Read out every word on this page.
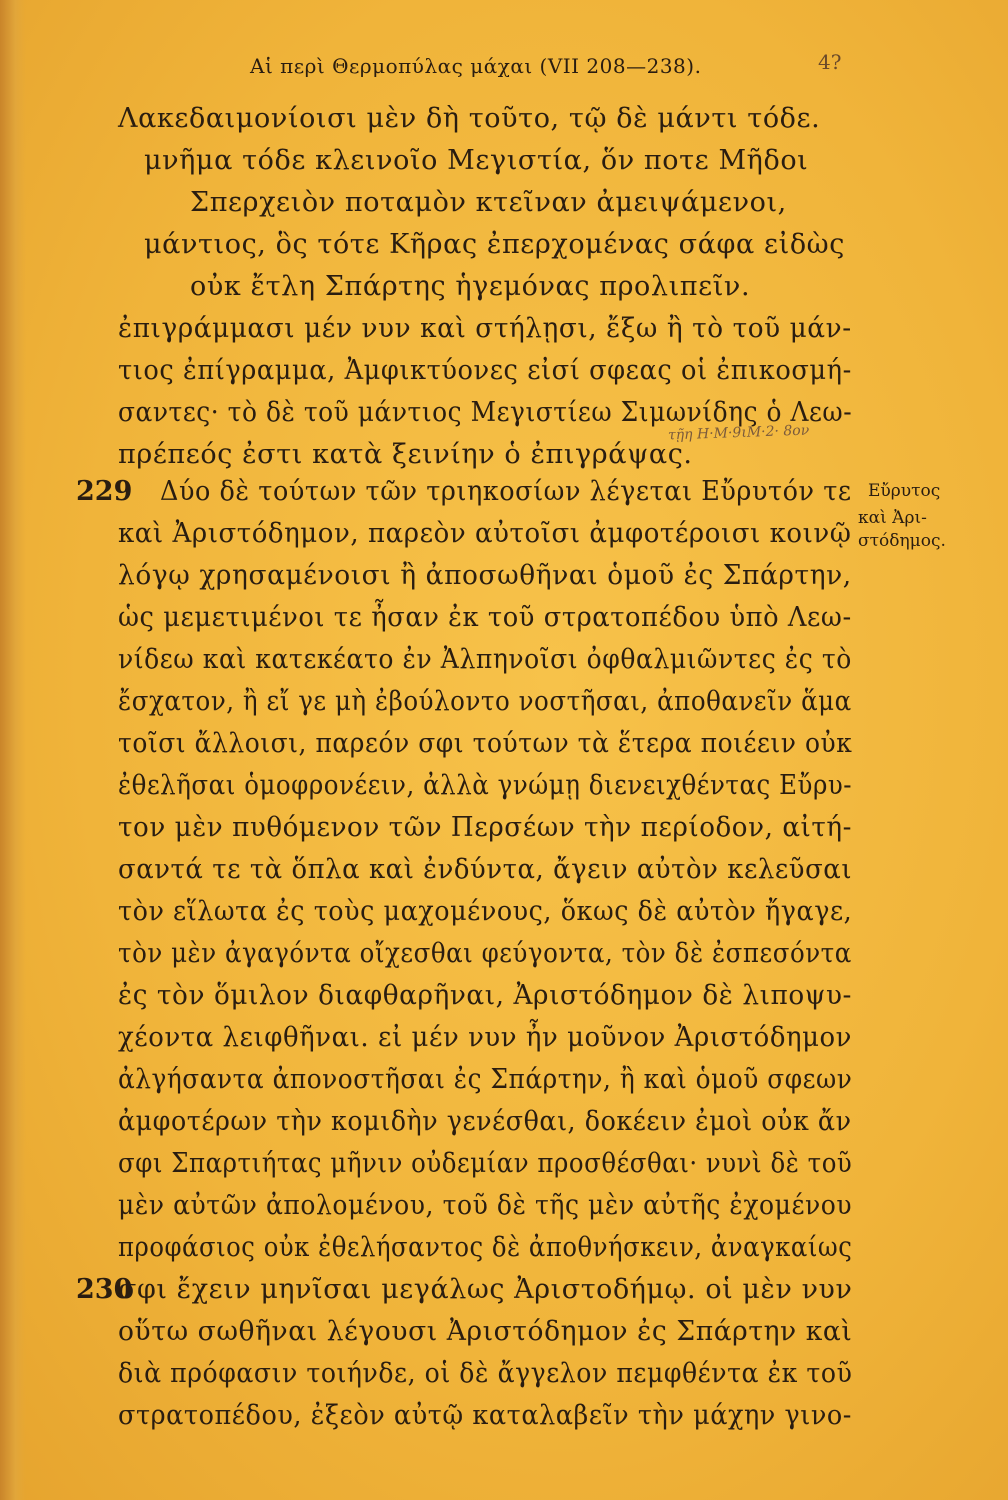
Αἱ περὶ Θερμοπύλας μάχαι (VII 208—238).	4?
Λακεδαιμονίοισι μὲν δὴ τοῦτο, τῷ δὲ μάντι τόδε.
μνῆμα τόδε κλεινοῖο Μεγιστία, ὅν ποτε Μῆδοι
Σπερχειὸν ποταμὸν κτεῖναν ἀμειψάμενοι,
μάντιος, ὃς τότε Κῆρας ἐπερχομένας σάφα εἰδὼς
οὐκ ἔτλη Σπάρτης ἡγεμόνας προλιπεῖν.
ἐπιγράμμασι μέν νυν καὶ στήλῃσι, ἔξω ἢ τὸ τοῦ μάν-
τιος ἐπίγραμμα, Ἀμφικτύονες εἰσί σφεας οἱ ἐπικοσμή-
σαντες· τὸ δὲ τοῦ μάντιος Μεγιστίεω Σιμωνίδης ὁ Λεω-
πρέπεός ἐστι κατὰ ξεινίην ὁ ἐπιγράψας.
τῇη Η·Μ·9ιΜ·2· 8ον
229 Δύο δὲ τούτων τῶν τριηκοσίων λέγεται Εὔρυτόν τε
καὶ Ἀριστόδημον, παρεὸν αὐτοῖσι ἀμφοτέροισι κοινῷ
λόγῳ χρησαμένοισι ἢ ἀποσωθῆναι ὁμοῦ ἐς Σπάρτην,
ὡς μεμετιμένοι τε ἦσαν ἐκ τοῦ στρατοπέδου ὑπὸ Λεω-
νίδεω καὶ κατεκέατο ἐν Ἀλπηνοῖσι ὀφθαλμιῶντες ἐς τὸ
ἔσχατον, ἢ εἴ γε μὴ ἐβούλοντο νοστῆσαι, ἀποθανεῖν ἅμα
τοῖσι ἄλλοισι, παρεόν σφι τούτων τὰ ἕτερα ποιέειν οὐκ
ἐθελῆσαι ὁμοφρονέειν, ἀλλὰ γνώμῃ διενειχθέντας Εὔρυ-
τον μὲν πυθόμενον τῶν Περσέων τὴν περίοδον, αἰτή-
σαντά τε τὰ ὅπλα καὶ ἐνδύντα, ἄγειν αὐτὸν κελεῦσαι
τὸν εἵλωτα ἐς τοὺς μαχομένους, ὅκως δὲ αὐτὸν ἤγαγε,
τὸν μὲν ἀγαγόντα οἴχεσθαι φεύγοντα, τὸν δὲ ἐσπεσόντα
ἐς τὸν ὅμιλον διαφθαρῆναι, Ἀριστόδημον δὲ λιποψυ-
χέοντα λειφθῆναι. εἰ μέν νυν ἦν μοῦνον Ἀριστόδημον
ἀλγήσαντα ἀπονοστῆσαι ἐς Σπάρτην, ἢ καὶ ὁμοῦ σφεων
ἀμφοτέρων τὴν κομιδὴν γενέσθαι, δοκέειν ἐμοὶ οὐκ ἄν
σφι Σπαρτιήτας μῆνιν οὐδεμίαν προσθέσθαι· νυνὶ δὲ τοῦ
μὲν αὐτῶν ἀπολομένου, τοῦ δὲ τῆς μὲν αὐτῆς ἐχομένου
προφάσιος οὐκ ἐθελήσαντος δὲ ἀποθνήσκειν, ἀναγκαίως
230
σφι ἔχειν μηνῖσαι μεγάλως Ἀριστοδήμῳ. οἱ μὲν νυν
οὕτω σωθῆναι λέγουσι Ἀριστόδημον ἐς Σπάρτην καὶ
διὰ πρόφασιν τοιήνδε, οἱ δὲ ἄγγελον πεμφθέντα ἐκ τοῦ
στρατοπέδου, ἐξεὸν αὐτῷ καταλαβεῖν τὴν μάχην γινο-
Εὔρυτος
καὶ Ἀρι-
στόδημος.
